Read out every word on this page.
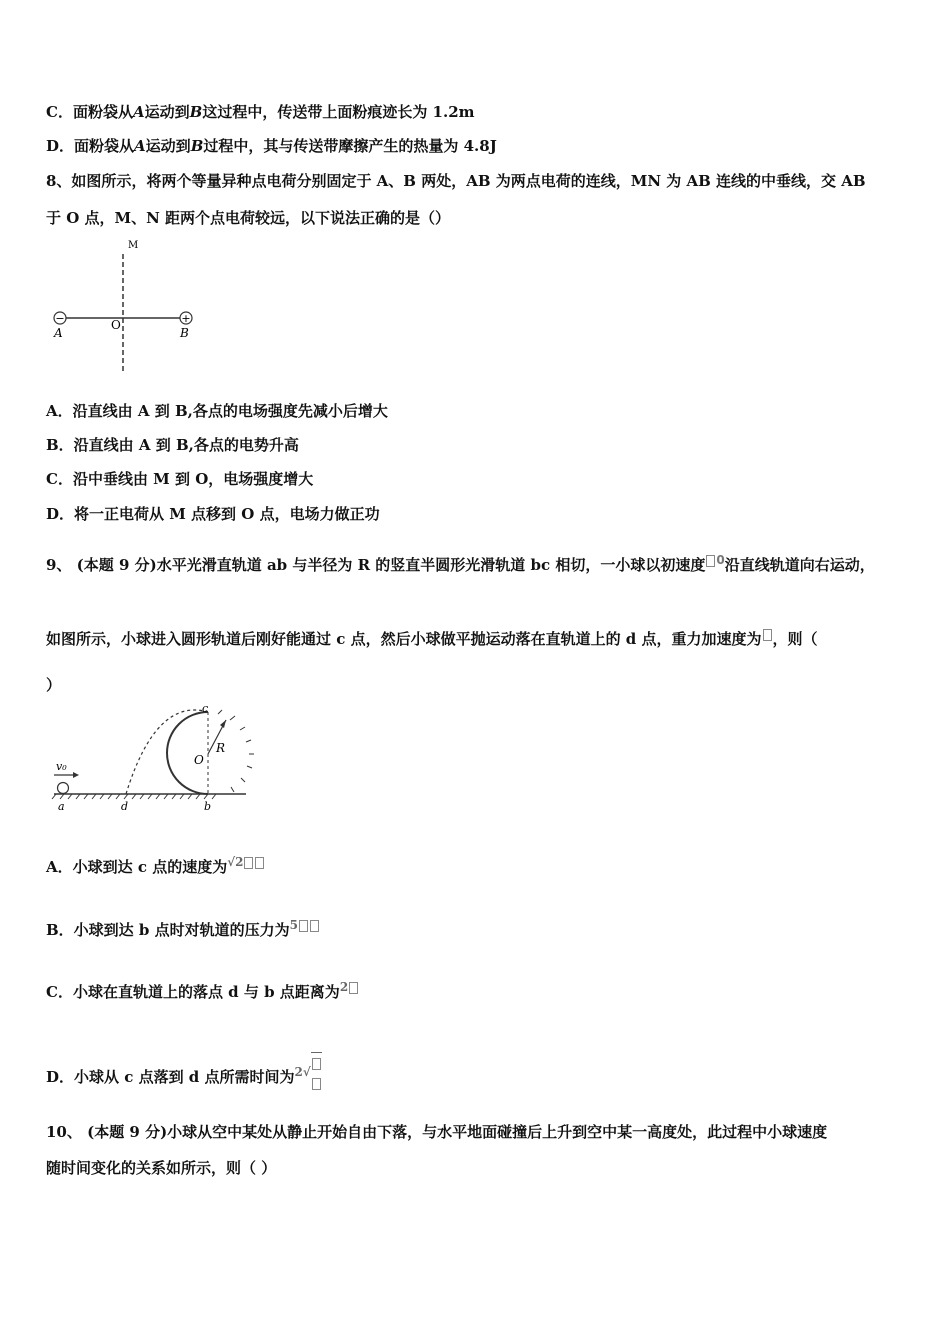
C．面粉袋从A运动到B这过程中，传送带上面粉痕迹长为 1.2m
D．面粉袋从A运动到B过程中，其与传送带摩擦产生的热量为 4.8J
8、如图所示，将两个等量异种点电荷分别固定于 A、B 两处，AB 为两点电荷的连线，MN 为 AB 连线的中垂线，交 AB
于 O 点，M、N 距两个点电荷较远，以下说法正确的是（）
−	+
M
O
A	B
A．沿直线由 A 到 B,各点的电场强度先减小后增大
B．沿直线由 A 到 B,各点的电势升高
C．沿中垂线由 M 到 O，电场强度增大
D．将一正电荷从 M 点移到 O 点，电场力做正功
9、 (本题 9 分)水平光滑直轨道 ab 与半径为 R 的竖直半圆形光滑轨道 bc 相切，一小球以初速度 $^0$沿直线轨道向右运动，
如图所示，小球进入圆形轨道后刚好能通过 c 点，然后小球做平抛运动落在直轨道上的 d 点，重力加速度为 ，则（
）
v₀
a	d	b
c
O
R
A．小球到达 c 点的速度为√2
B．小球到达 b 点时对轨道的压力为5
C．小球在直轨道上的落点 d 与 b 点距离为2
D．小球从 c 点落到 d 点所需时间为2√

10、 (本题 9 分)小球从空中某处从静止开始自由下落，与水平地面碰撞后上升到空中某一高度处，此过程中小球速度
随时间变化的关系如所示，则（ ）
